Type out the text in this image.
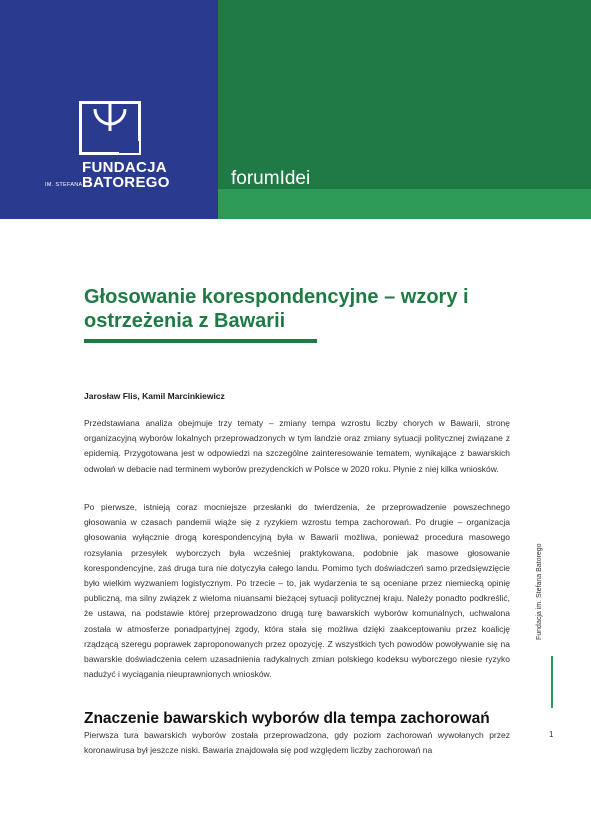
FUNDACJA
IM. STEFANA BATOREGO	forumIdei
Głosowanie korespondencyjne – wzory i ostrzeżenia z Bawarii
Jarosław Flis, Kamil Marcinkiewicz

Przedstawiana analiza obejmuje trzy tematy – zmiany tempa wzrostu liczby chorych w Bawarii, stronę organizacyjną wyborów lokalnych przeprowadzonych w tym landzie oraz zmiany sytuacji politycznej związane z epidemią. Przygotowana jest w odpowiedzi na szczególne zainteresowanie tematem, wynikające z bawarskich odwołań w debacie nad terminem wyborów prezydenckich w Polsce w 2020 roku. Płynie z niej kilka wniosków.

Po pierwsze, istnieją coraz mocniejsze przesłanki do twierdzenia, że przeprowadzenie powszechnego głosowania w czasach pandemii wiąże się z ryzykiem wzrostu tempa zachorowań. Po drugie – organizacja głosowania wyłącznie drogą korespondencyjną była w Bawarii możliwa, ponieważ procedura masowego rozsyłania przesyłek wyborczych była wcześniej praktykowana, podobnie jak masowe głosowanie korespondencyjne, zaś druga tura nie dotyczyła całego landu. Pomimo tych doświadczeń samo przedsięwzięcie było wielkim wyzwaniem logistycznym. Po trzecie – to, jak wydarzenia te są oceniane przez niemiecką opinię publiczną, ma silny związek z wieloma niuansami bieżącej sytuacji politycznej kraju. Należy ponadto podkreślić, że ustawa, na podstawie której przeprowadzono drugą turę bawarskich wyborów komunalnych, uchwalona została w atmosferze ponadpartyjnej zgody, która stała się możliwa dzięki zaakceptowaniu przez koalicję rządzącą szeregu poprawek zaproponowanych przez opozycję. Z wszystkich tych powodów powoływanie się na bawarskie doświadczenia celem uzasadnienia radykalnych zmian polskiego kodeksu wyborczego niesie ryzyko nadużyć i wyciągania nieuprawnionych wniosków.

Znaczenie bawarskich wyborów dla tempa zachorowań

Pierwsza tura bawarskich wyborów została przeprowadzona, gdy poziom zachorowań wywołanych przez koronawirusa był jeszcze niski. Bawaria znajdowała się pod względem liczby zachorowań na

Fundacja im. Stefana Batorego
1
